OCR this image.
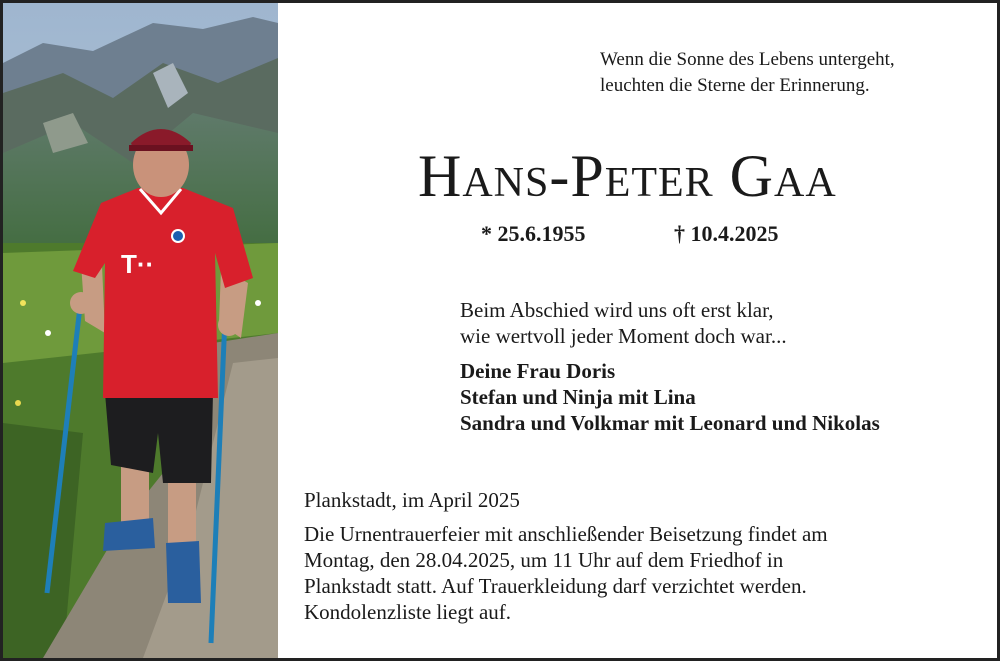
T··
Wenn die Sonne des Lebens untergeht,
leuchten die Sterne der Erinnerung.
Hans-Peter Gaa
* 25.6.1955	† 10.4.2025
Beim Abschied wird uns oft erst klar,
wie wertvoll jeder Moment doch war...
Deine Frau Doris
Stefan und Ninja mit Lina
Sandra und Volkmar mit Leonard und Nikolas
Plankstadt, im April 2025
Die Urnentrauerfeier mit anschließender Beisetzung findet am
Montag, den 28.04.2025, um 11 Uhr auf dem Friedhof in
Plankstadt statt. Auf Trauerkleidung darf verzichtet werden.
Kondolenzliste liegt auf.
